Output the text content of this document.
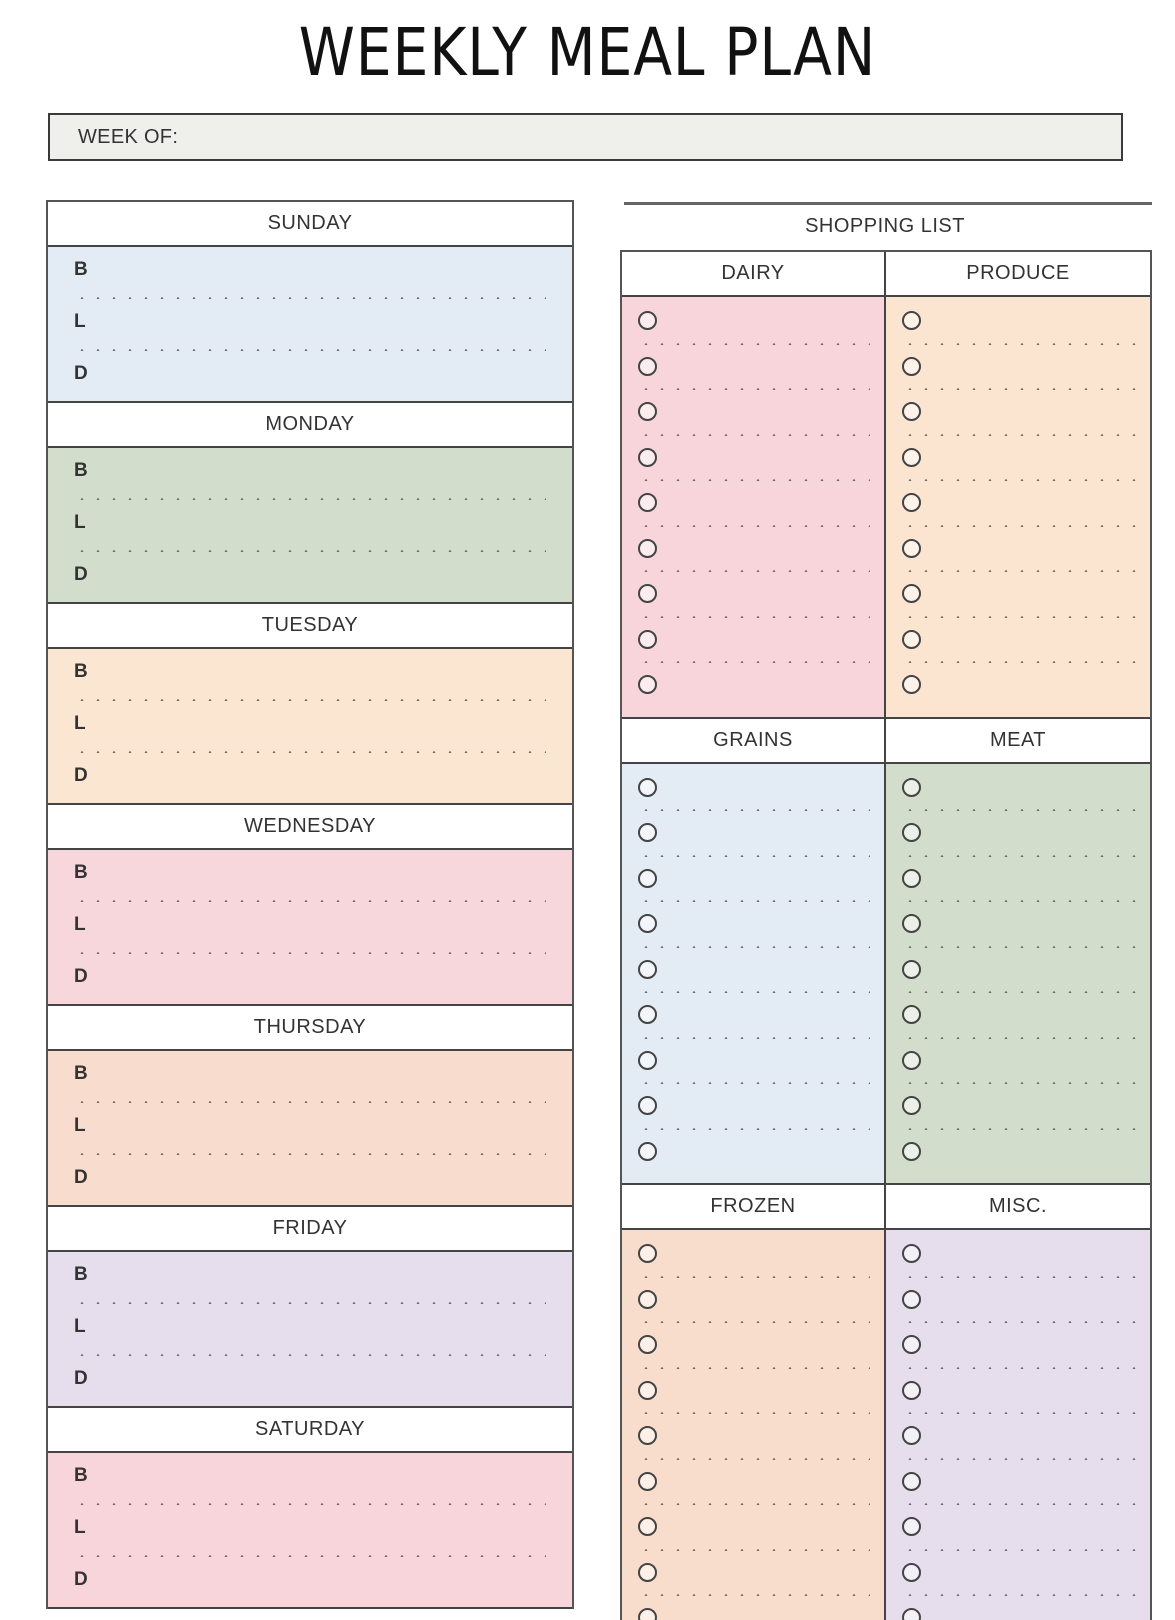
WEEKLY MEAL PLAN
WEEK OF:
SUNDAY
B
L
D
MONDAY
B
L
D
TUESDAY
B
L
D
WEDNESDAY
B
L
D
THURSDAY
B
L
D
FRIDAY
B
L
D
SATURDAY
B
L
D
SHOPPING LIST
DAIRY	PRODUCE
GRAINS	MEAT
FROZEN	MISC.
